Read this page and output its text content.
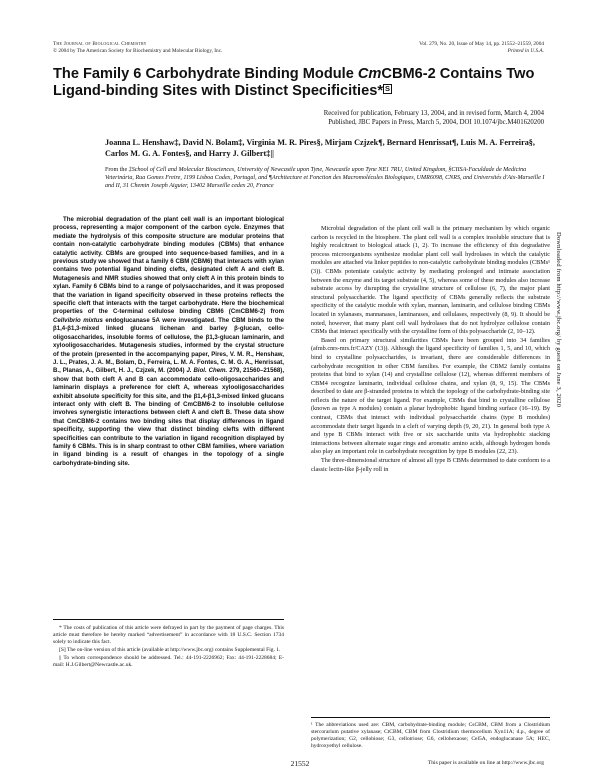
The Journal of Biological Chemistry
© 2004 by The American Society for Biochemistry and Molecular Biology, Inc.
Vol. 279, No. 20, Issue of May 14, pp. 21552–21559, 2004
Printed in U.S.A.
The Family 6 Carbohydrate Binding Module CmCBM6-2 Contains Two Ligand-binding Sites with Distinct Specificities* S
Received for publication, February 13, 2004, and in revised form, March 4, 2004
Published, JBC Papers in Press, March 5, 2004, DOI 10.1074/jbc.M401620200
Joanna L. Henshaw‡, David N. Bolam‡, Virginia M. R. Pires§, Mirjam Czjzek¶, Bernard Henrissat¶, Luis M. A. Ferreira§, Carlos M. G. A. Fontes§, and Harry J. Gilbert‡||
From the ‡School of Cell and Molecular Biosciences, University of Newcastle upon Tyne, Newcastle upon Tyne NE1 7RU, United Kingdom, §CIISA-Faculdade de Medicina Veterinária, Rua Gomes Freire, 1199 Lisboa Codex, Portugal, and ¶Architecture et Fonction des Macromolécules Biologiques, UMR6098, CNRS, and Universités d'Aix-Marseille I and II, 31 Chemin Joseph Aiguier, 13402 Marseille cedex 20, France

The microbial degradation of the plant cell wall is an important biological process, representing a major component of the carbon cycle. Enzymes that mediate the hydrolysis of this composite structure are modular proteins that contain non-catalytic carbohydrate binding modules (CBMs) that enhance catalytic activity. CBMs are grouped into sequence-based families, and in a previous study we showed that a family 6 CBM (CBM6) that interacts with xylan contains two potential ligand binding clefts, designated cleft A and cleft B. Mutagenesis and NMR studies showed that only cleft A in this protein binds to xylan. Family 6 CBMs bind to a range of polysaccharides, and it was proposed that the variation in ligand specificity observed in these proteins reflects the specific cleft that interacts with the target carbohydrate. Here the biochemical properties of the C-terminal cellulose binding CBM6 (CmCBM6-2) from Cellvibrio mixtus endoglucanase 5A were investigated. The CBM binds to the β1,4-β1,3-mixed linked glucans lichenan and barley β-glucan, cello-oligosaccharides, insoluble forms of cellulose, the β1,3-glucan laminarin, and xylooligosaccharides. Mutagenesis studies, informed by the crystal structure of the protein (presented in the accompanying paper, Pires, V. M. R., Henshaw, J. L., Prates, J. A. M., Bolam, D., Ferreira, L. M. A. Fontes, C. M. G. A., Henrissat, B., Planas, A., Gilbert, H. J., Czjzek, M. (2004) J. Biol. Chem. 279, 21560–21568), show that both cleft A and B can accommodate cello-oligosaccharides and laminarin displays a preference for cleft A, whereas xylooligosaccharides exhibit absolute specificity for this site, and the β1,4-β1,3-mixed linked glucans interact only with cleft B. The binding of CmCBM6-2 to insoluble cellulose involves synergistic interactions between cleft A and cleft B. These data show that CmCBM6-2 contains two binding sites that display differences in ligand specificity, supporting the view that distinct binding clefts with different specificities can contribute to the variation in ligand recognition displayed by family 6 CBMs. This is in sharp contrast to other CBM families, where variation in ligand binding is a result of changes in the topology of a single carbohydrate-binding site.

Microbial degradation of the plant cell wall is the primary mechanism by which organic carbon is recycled in the biosphere. The plant cell wall is a complex insoluble structure that is highly recalcitrant to biological attack (1, 2). To increase the efficiency of this degradative process microorganisms synthesize modular plant cell wall hydrolases in which the catalytic modules are attached via linker peptides to non-catalytic carbohydrate binding modules (CBMs¹ (3)). CBMs potentiate catalytic activity by mediating prolonged and intimate association between the enzyme and its target substrate (4, 5), whereas some of these modules also increase substrate access by disrupting the crystalline structure of cellulose (6, 7), the major plant structural polysaccharide. The ligand specificity of CBMs generally reflects the substrate specificity of the catalytic module with xylan, mannan, laminarin, and cellulose binding CBMs located in xylanases, mannanases, laminarases, and cellulases, respectively (8, 9). It should be noted, however, that many plant cell wall hydrolases that do not hydrolyze cellulose contain CBMs that interact specifically with the crystalline form of this polysaccharide (2, 10–12).

Based on primary structural similarities CBMs have been grouped into 34 families (afmb.cnrs-mrs.fr/CAZY (13)). Although the ligand specificity of families 1, 5, and 10, which bind to crystalline polysaccharides, is invariant, there are considerable differences in carbohydrate recognition in other CBM families. For example, the CBM2 family contains proteins that bind to xylan (14) and crystalline cellulose (12), whereas different members of CBM4 recognize laminarin, individual cellulose chains, and xylan (8, 9, 15). The CBMs described to date are β-stranded proteins in which the topology of the carbohydrate-binding site reflects the nature of the target ligand. For example, CBMs that bind to crystalline cellulose (known as type A modules) contain a planar hydrophobic ligand binding surface (16–19). By contrast, CBMs that interact with individual polysaccharide chains (type B modules) accommodate their target ligands in a cleft of varying depth (9, 20, 21). In general both type A and type B CBMs interact with five or six saccharide units via hydrophobic stacking interactions between alternate sugar rings and aromatic amino acids, although hydrogen bonds also play an important role in carbohydrate recognition by type B modules (22, 23).

The three-dimensional structure of almost all type B CBMs determined to date conform to a classic lectin-like β-jelly roll in

* The costs of publication of this article were defrayed in part by the payment of page charges. This article must therefore be hereby marked “advertisement” in accordance with 18 U.S.C. Section 1734 solely to indicate this fact.

[S] The on-line version of this article (available at http://www.jbc.org) contains Supplemental Fig. 1.

|| To whom correspondence should be addressed. Tel.: 44-191-2226962; Fax: 44-191-2228684; E-mail: H.J.Gilbert@Newcastle.ac.uk.

¹ The abbreviations used are: CBM, carbohydrate-binding module; CsCBM, CBM from a Clostridium stercorarium putative xylanase; CtCBM, CBM from Clostridium thermocellum Xyn11A; d.p., degree of polymerization; G2, cellobiose; G3, cellotriose; G6, cellohexaose; Cel5A, endoglucanase 5A; HEC, hydroxyethyl cellulose.
Downloaded from http://www.jbc.org/ by guest on June 3, 2020
21552	This paper is available on line at http://www.jbc.org
